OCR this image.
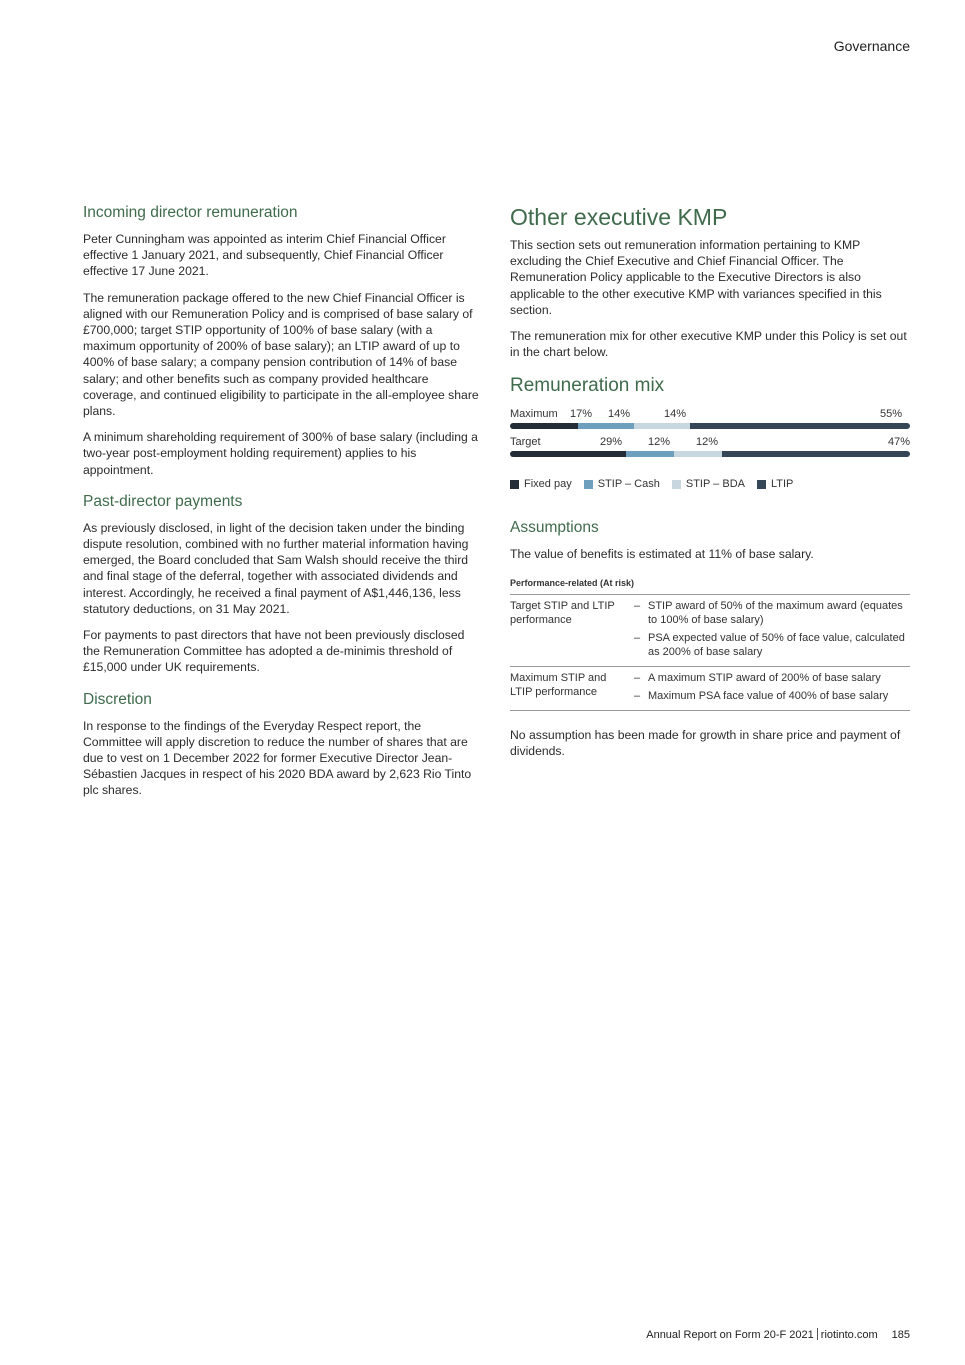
Governance
Incoming director remuneration

Peter Cunningham was appointed as interim Chief Financial Officer effective 1 January 2021, and subsequently, Chief Financial Officer effective 17 June 2021.

The remuneration package offered to the new Chief Financial Officer is aligned with our Remuneration Policy and is comprised of base salary of £700,000; target STIP opportunity of 100% of base salary (with a maximum opportunity of 200% of base salary); an LTIP award of up to 400% of base salary; a company pension contribution of 14% of base salary; and other benefits such as company provided healthcare coverage, and continued eligibility to participate in the all-employee share plans.

A minimum shareholding requirement of 300% of base salary (including a two-year post-employment holding requirement) applies to his appointment.

Past-director payments

As previously disclosed, in light of the decision taken under the binding dispute resolution, combined with no further material information having emerged, the Board concluded that Sam Walsh should receive the third and final stage of the deferral, together with associated dividends and interest. Accordingly, he received a final payment of A$1,446,136, less statutory deductions, on 31 May 2021.

For payments to past directors that have not been previously disclosed the Remuneration Committee has adopted a de-minimis threshold of £15,000 under UK requirements.

Discretion

In response to the findings of the Everyday Respect report, the Committee will apply discretion to reduce the number of shares that are due to vest on 1 December 2022 for former Executive Director Jean-Sébastien Jacques in respect of his 2020 BDA award by 2,623 Rio Tinto plc shares.

Other executive KMP

This section sets out remuneration information pertaining to KMP excluding the Chief Executive and Chief Financial Officer. The Remuneration Policy applicable to the Executive Directors is also applicable to the other executive KMP with variances specified in this section.

The remuneration mix for other executive KMP under this Policy is set out in the chart below.

Remuneration mix
Fixed pay STIP – Cash STIP – BDA LTIP
Maximum 17% 14%	14%	55%
Target	29% 12% 12%	47%
Assumptions

The value of benefits is estimated at 11% of base salary.

Performance-related (At risk)	
Target STIP and LTIP performance	– STIP award of 50% of the maximum award (equates to 100% of base salary)
– PSA expected value of 50% of face value, calculated as 200% of base salary

Maximum STIP and LTIP performance	– A maximum STIP award of 200% of base salary
– Maximum PSA face value of 400% of base salary

No assumption has been made for growth in share price and payment of dividends.

Annual Report on Form 20-F 2021 riotinto.com 185
